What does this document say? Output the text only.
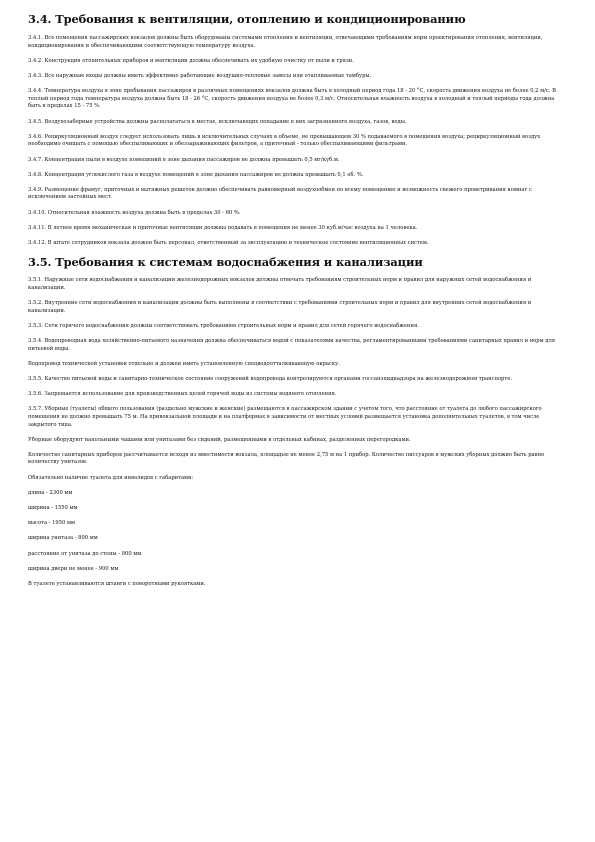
3.4. Требования к вентиляции, отоплению и кондиционированию

3.4.1. Все помещения пассажирских вокзалов должны быть оборудованы системами отопления и вентиляции, отвечающими требованиям норм проектирования отопления, вентиляции, кондиционирования и обеспечивающими соответствующую температуру воздуха.

3.4.2. Конструкция отопительных приборов и вентиляции должна обеспечивать их удобную очистку от пыли и грязи.

3.4.3. Все наружные входы должны иметь эффективно работающие воздушно-тепловые завесы или отапливаемые тамбуры.

3.4.4. Температура воздуха в зоне пребывания пассажиров в различных помещениях вокзалов должна быть в холодный период года 18 - 20 °С, скорость движения воздуха не более 0,2 м/с. В теплый период года температура воздуха должна быть 18 - 26 °С, скорость движения воздуха не более 0,3 м/с. Относительная влажность воздуха в холодный и теплый периоды года должна быть в пределах 15 - 75 %.

3.4.5. Воздухозаборные устройства должны располагаться в местах, исключающих попадание в них загрязненного воздуха, газов, воды.

3.4.6. Рециркуляционный воздух следует использовать лишь в исключительных случаях в объеме, не превышающем 30 % подаваемого в помещения воздуха; рециркуляционный воздух необходимо очищать с помощью обеспыливающих и обеззараживающих фильтров, а притечный - только обеспыливающими фильтрами.

3.4.7. Концентрация пыли в воздухе помещений в зоне дыхания пассажиров не должна превышать 0,5 мг/куб.м.

3.4.8. Концентрация углекислого газа в воздухе помещений в зоне дыхания пассажиров не должна превышать 0,1 об. %.

3.4.9. Размещение фрамуг, приточных и вытяжных решеток должно обеспечивать равномерный воздухообмен по всему помещению и возможность свежего проветривания комнат с исключением застойных мест.

3.4.10. Относительная влажность воздуха должна быть в пределах 30 - 60 %.

3.4.11. В летнее время механическая и приточные вентиляции должны подавать в помещения не менее 30 куб.м/час воздуха на 1 человека.

3.4.12. В штате сотрудников вокзала должен быть персонал, ответственный за эксплуатацию и техническое состояние вентиляционных систем.

3.5. Требования к системам водоснабжения и канализации

3.5.1. Наружные сети водоснабжения и канализации железнодорожных вокзалов должны отвечать требованиям строительных норм и правил для наружных сетей водоснабжения и канализации.

3.5.2. Внутренние сети водоснабжения и канализации должны быть выполнены в соответствии с требованиями строительных норм и правил для внутренних сетей водоснабжения и канализации.

3.5.3. Сети горячего водоснабжения должны соответствовать требованиям строительных норм и правил для сетей горячего водоснабжения.

3.5.4. Водопроводная вода хозяйственно-питьевого назначения должна обеспечиваться водой с показателями качества, регламентированными требованиями санитарных правил и норм для питьевой воды.

Водопровод технической установки отдельно и должен иметь установленную спецводоотталкивающую окраску.

3.5.5. Качество питьевой воды и санитарно-техническое состояние сооружений водопровода контролируются органами госсанэпиднадзора на железнодорожном транспорте.

3.5.6. Запрещается использование для производственных целей горячей воды из системы водяного отопления.

3.5.7. Уборные (туалеты) общего пользования (раздельно мужские и женские) размещаются в пассажирском здании с учетом того, что расстояние от туалета до любого пассажирского помещения не должно превышать 75 м. На привокзальной площади и на платформах в зависимости от местных условий размещается установка дополнительных туалетов, в том числе закрытого типа.

Уборные оборудуют напольными чашами или унитазами без сидений, размещенными в отдельных кабинах, разделенных перегородками.

Количество санитарных приборов рассчитывается исходя из вместимости вокзала, площадью не менее 2,75 м на 1 прибор. Количество писсуаров в мужских уборных должно быть равно количеству унитазов.

Обязательно наличие туалета для инвалидов с габаритами:

длина - 2300 мм

ширина - 1550 мм

высота - 1950 мм

ширина унитаза - 800 мм

расстояние от унитаза до стены - 800 мм

ширина двери не менее - 900 мм

В туалете устанавливаются штанги с поворотными рукоятками.
